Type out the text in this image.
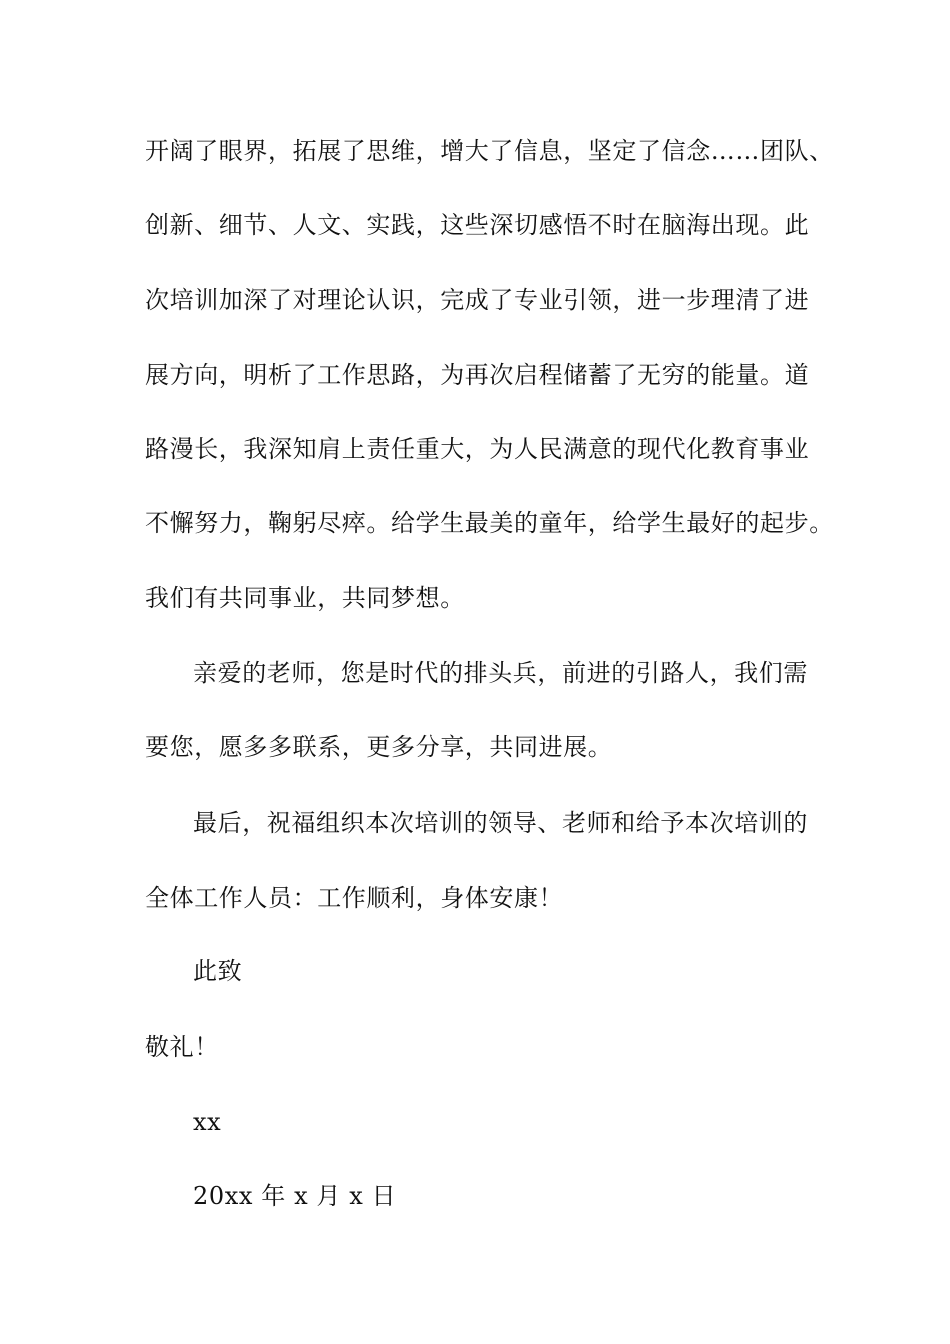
开阔了眼界，拓展了思维，增大了信息，坚定了信念……团队、
创新、细节、人文、实践，这些深切感悟不时在脑海出现。此
次培训加深了对理论认识，完成了专业引领，进一步理清了进
展方向，明析了工作思路，为再次启程储蓄了无穷的能量。道
路漫长，我深知肩上责任重大，为人民满意的现代化教育事业
不懈努力，鞠躬尽瘁。给学生最美的童年，给学生最好的起步。
我们有共同事业，共同梦想。
亲爱的老师，您是时代的排头兵，前进的引路人，我们需
要您，愿多多联系，更多分享，共同进展。
最后，祝福组织本次培训的领导、老师和给予本次培训的
全体工作人员：工作顺利，身体安康！
此致
敬礼！
xx
20xx 年 x 月 x 日
